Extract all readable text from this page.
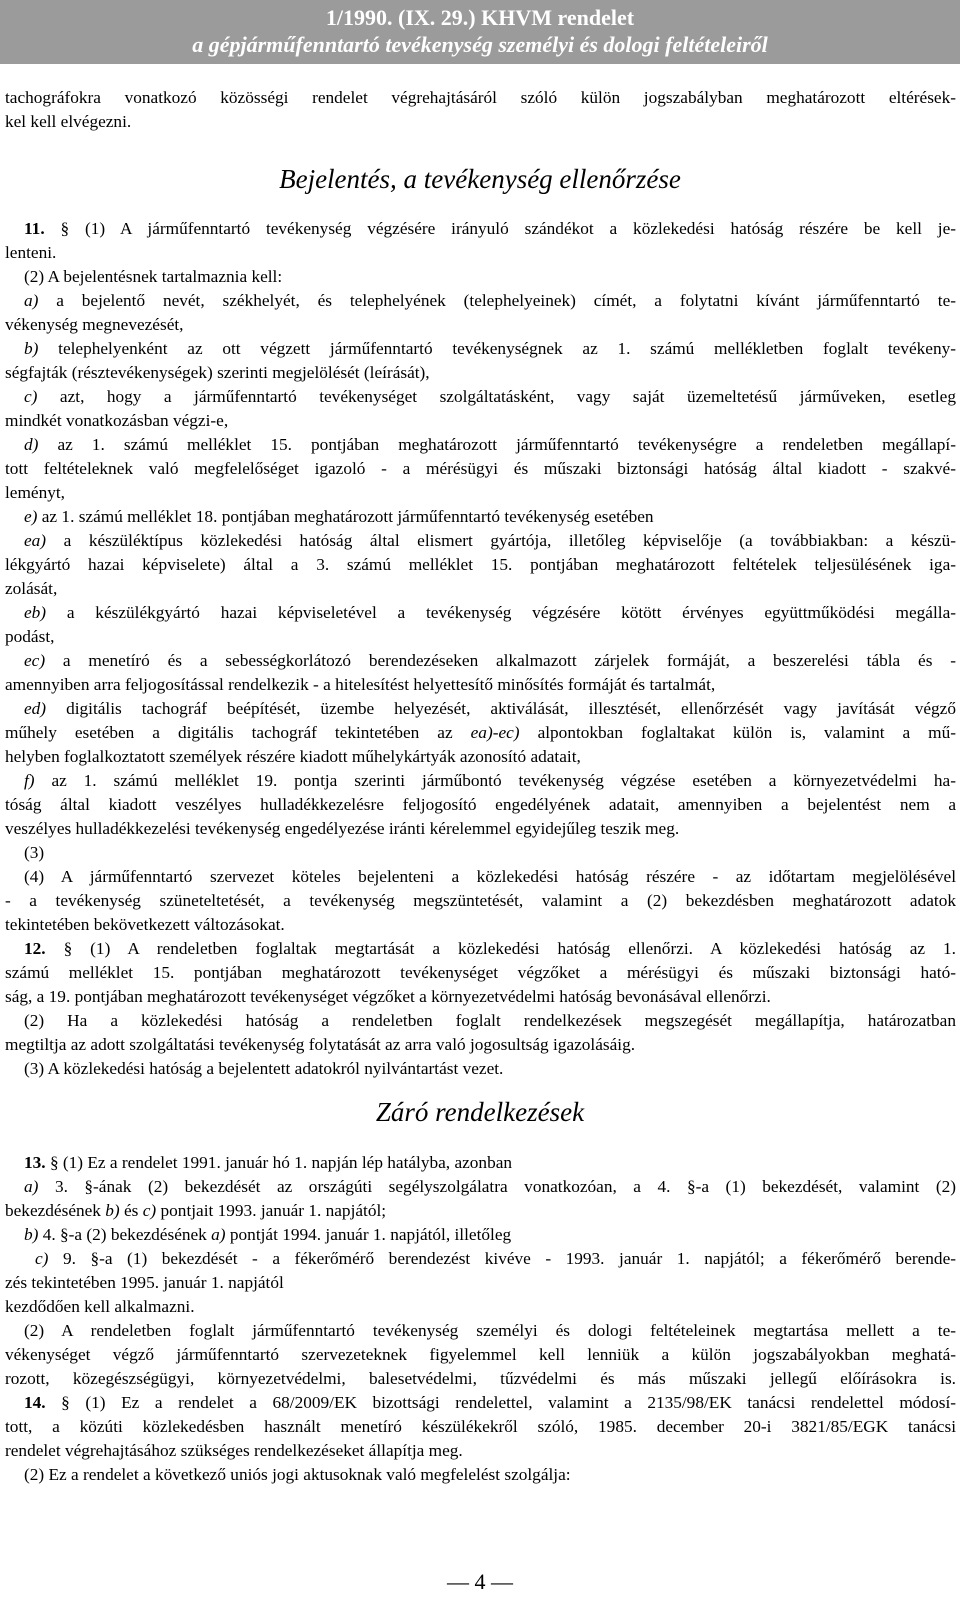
1/1990. (IX. 29.) KHVM rendelet
a gépjárműfenntartó tevékenység személyi és dologi feltételeiről
tachográfokra vonatkozó közösségi rendelet végrehajtásáról szóló külön jogszabályban meghatározott eltérések-
kel kell elvégezni.
Bejelentés, a tevékenység ellenőrzése
11. § (1) A járműfenntartó tevékenység végzésére irányuló szándékot a közlekedési hatóság részére be kell je-
lenteni.
(2) A bejelentésnek tartalmaznia kell:
a) a bejelentő nevét, székhelyét, és telephelyének (telephelyeinek) címét, a folytatni kívánt járműfenntartó te-
vékenység megnevezését,
b) telephelyenként az ott végzett járműfenntartó tevékenységnek az 1. számú mellékletben foglalt tevékeny-
ségfajták (résztevékenységek) szerinti megjelölését (leírását),
c) azt, hogy a járműfenntartó tevékenységet szolgáltatásként, vagy saját üzemeltetésű járműveken, esetleg
mindkét vonatkozásban végzi-e,
d) az 1. számú melléklet 15. pontjában meghatározott járműfenntartó tevékenységre a rendeletben megállapí-
tott feltételeknek való megfelelőséget igazoló - a mérésügyi és műszaki biztonsági hatóság által kiadott - szakvé-
leményt,
e) az 1. számú melléklet 18. pontjában meghatározott járműfenntartó tevékenység esetében
ea) a készüléktípus közlekedési hatóság által elismert gyártója, illetőleg képviselője (a továbbiakban: a készü-
lékgyártó hazai képviselete) által a 3. számú melléklet 15. pontjában meghatározott feltételek teljesülésének iga-
zolását,
eb) a készülékgyártó hazai képviseletével a tevékenység végzésére kötött érvényes együttműködési megálla-
podást,
ec) a menetíró és a sebességkorlátozó berendezéseken alkalmazott zárjelek formáját, a beszerelési tábla és -
amennyiben arra feljogosítással rendelkezik - a hitelesítést helyettesítő minősítés formáját és tartalmát,
ed) digitális tachográf beépítését, üzembe helyezését, aktiválását, illesztését, ellenőrzését vagy javítását végző
műhely esetében a digitális tachográf tekintetében az ea)-ec) alpontokban foglaltakat külön is, valamint a mű-
helyben foglalkoztatott személyek részére kiadott műhelykártyák azonosító adatait,
f) az 1. számú melléklet 19. pontja szerinti járműbontó tevékenység végzése esetében a környezetvédelmi ha-
tóság által kiadott veszélyes hulladékkezelésre feljogosító engedélyének adatait, amennyiben a bejelentést nem a
veszélyes hulladékkezelési tevékenység engedélyezése iránti kérelemmel egyidejűleg teszik meg.
(3)
(4) A járműfenntartó szervezet köteles bejelenteni a közlekedési hatóság részére - az időtartam megjelölésével
- a tevékenység szüneteltetését, a tevékenység megszüntetését, valamint a (2) bekezdésben meghatározott adatok
tekintetében bekövetkezett változásokat.
12. § (1) A rendeletben foglaltak megtartását a közlekedési hatóság ellenőrzi. A közlekedési hatóság az 1.
számú melléklet 15. pontjában meghatározott tevékenységet végzőket a mérésügyi és műszaki biztonsági ható-
ság, a 19. pontjában meghatározott tevékenységet végzőket a környezetvédelmi hatóság bevonásával ellenőrzi.
(2) Ha a közlekedési hatóság a rendeletben foglalt rendelkezések megszegését megállapítja, határozatban
megtiltja az adott szolgáltatási tevékenység folytatását az arra való jogosultság igazolásáig.
(3) A közlekedési hatóság a bejelentett adatokról nyilvántartást vezet.
Záró rendelkezések
13. § (1) Ez a rendelet 1991. január hó 1. napján lép hatályba, azonban
a) 3. §-ának (2) bekezdését az országúti segélyszolgálatra vonatkozóan, a 4. §-a (1) bekezdését, valamint (2)
bekezdésének b) és c) pontjait 1993. január 1. napjától;
b) 4. §-a (2) bekezdésének a) pontját 1994. január 1. napjától, illetőleg
c) 9. §-a (1) bekezdését - a fékerőmérő berendezést kivéve - 1993. január 1. napjától; a fékerőmérő berende-
zés tekintetében 1995. január 1. napjától
kezdődően kell alkalmazni.
(2) A rendeletben foglalt járműfenntartó tevékenység személyi és dologi feltételeinek megtartása mellett a te-
vékenységet végző járműfenntartó szervezeteknek figyelemmel kell lenniük a külön jogszabályokban meghatá-
rozott, közegészségügyi, környezetvédelmi, balesetvédelmi, tűzvédelmi és más műszaki jellegű előírásokra is.
14. § (1) Ez a rendelet a 68/2009/EK bizottsági rendelettel, valamint a 2135/98/EK tanácsi rendelettel módosí-
tott, a közúti közlekedésben használt menetíró készülékekről szóló, 1985. december 20-i 3821/85/EGK tanácsi
rendelet végrehajtásához szükséges rendelkezéseket állapítja meg.
(2) Ez a rendelet a következő uniós jogi aktusoknak való megfelelést szolgálja:
— 4 —
